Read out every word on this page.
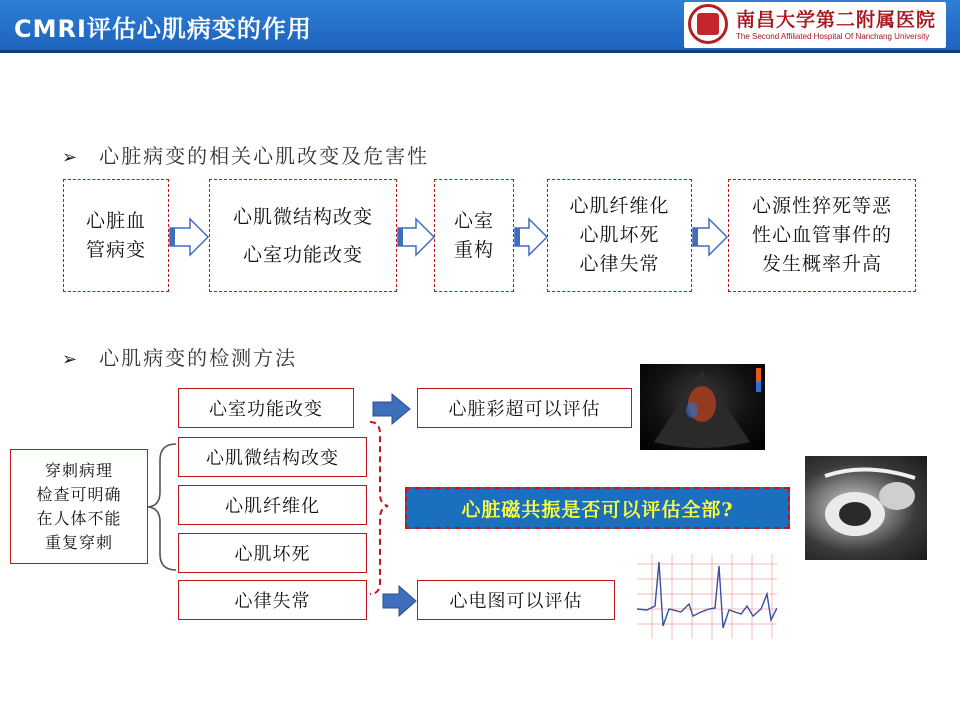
CMRI评估心肌病变的作用	南昌大学第二附属医院
The Second Affiliated Hospital Of Nanchang University
➢ 心脏病变的相关心肌改变及危害性
心脏血
管病变
心肌微结构改变
心室功能改变
心室
重构
心肌纤维化
心肌坏死
心律失常
心源性猝死等恶
性心血管事件的
发生概率升高
➢ 心肌病变的检测方法
穿刺病理
检查可明确
在人体不能
重复穿刺
心室功能改变
心肌微结构改变
心肌纤维化
心肌坏死
心律失常
心脏彩超可以评估
心电图可以评估
心脏磁共振是否可以评估全部?
